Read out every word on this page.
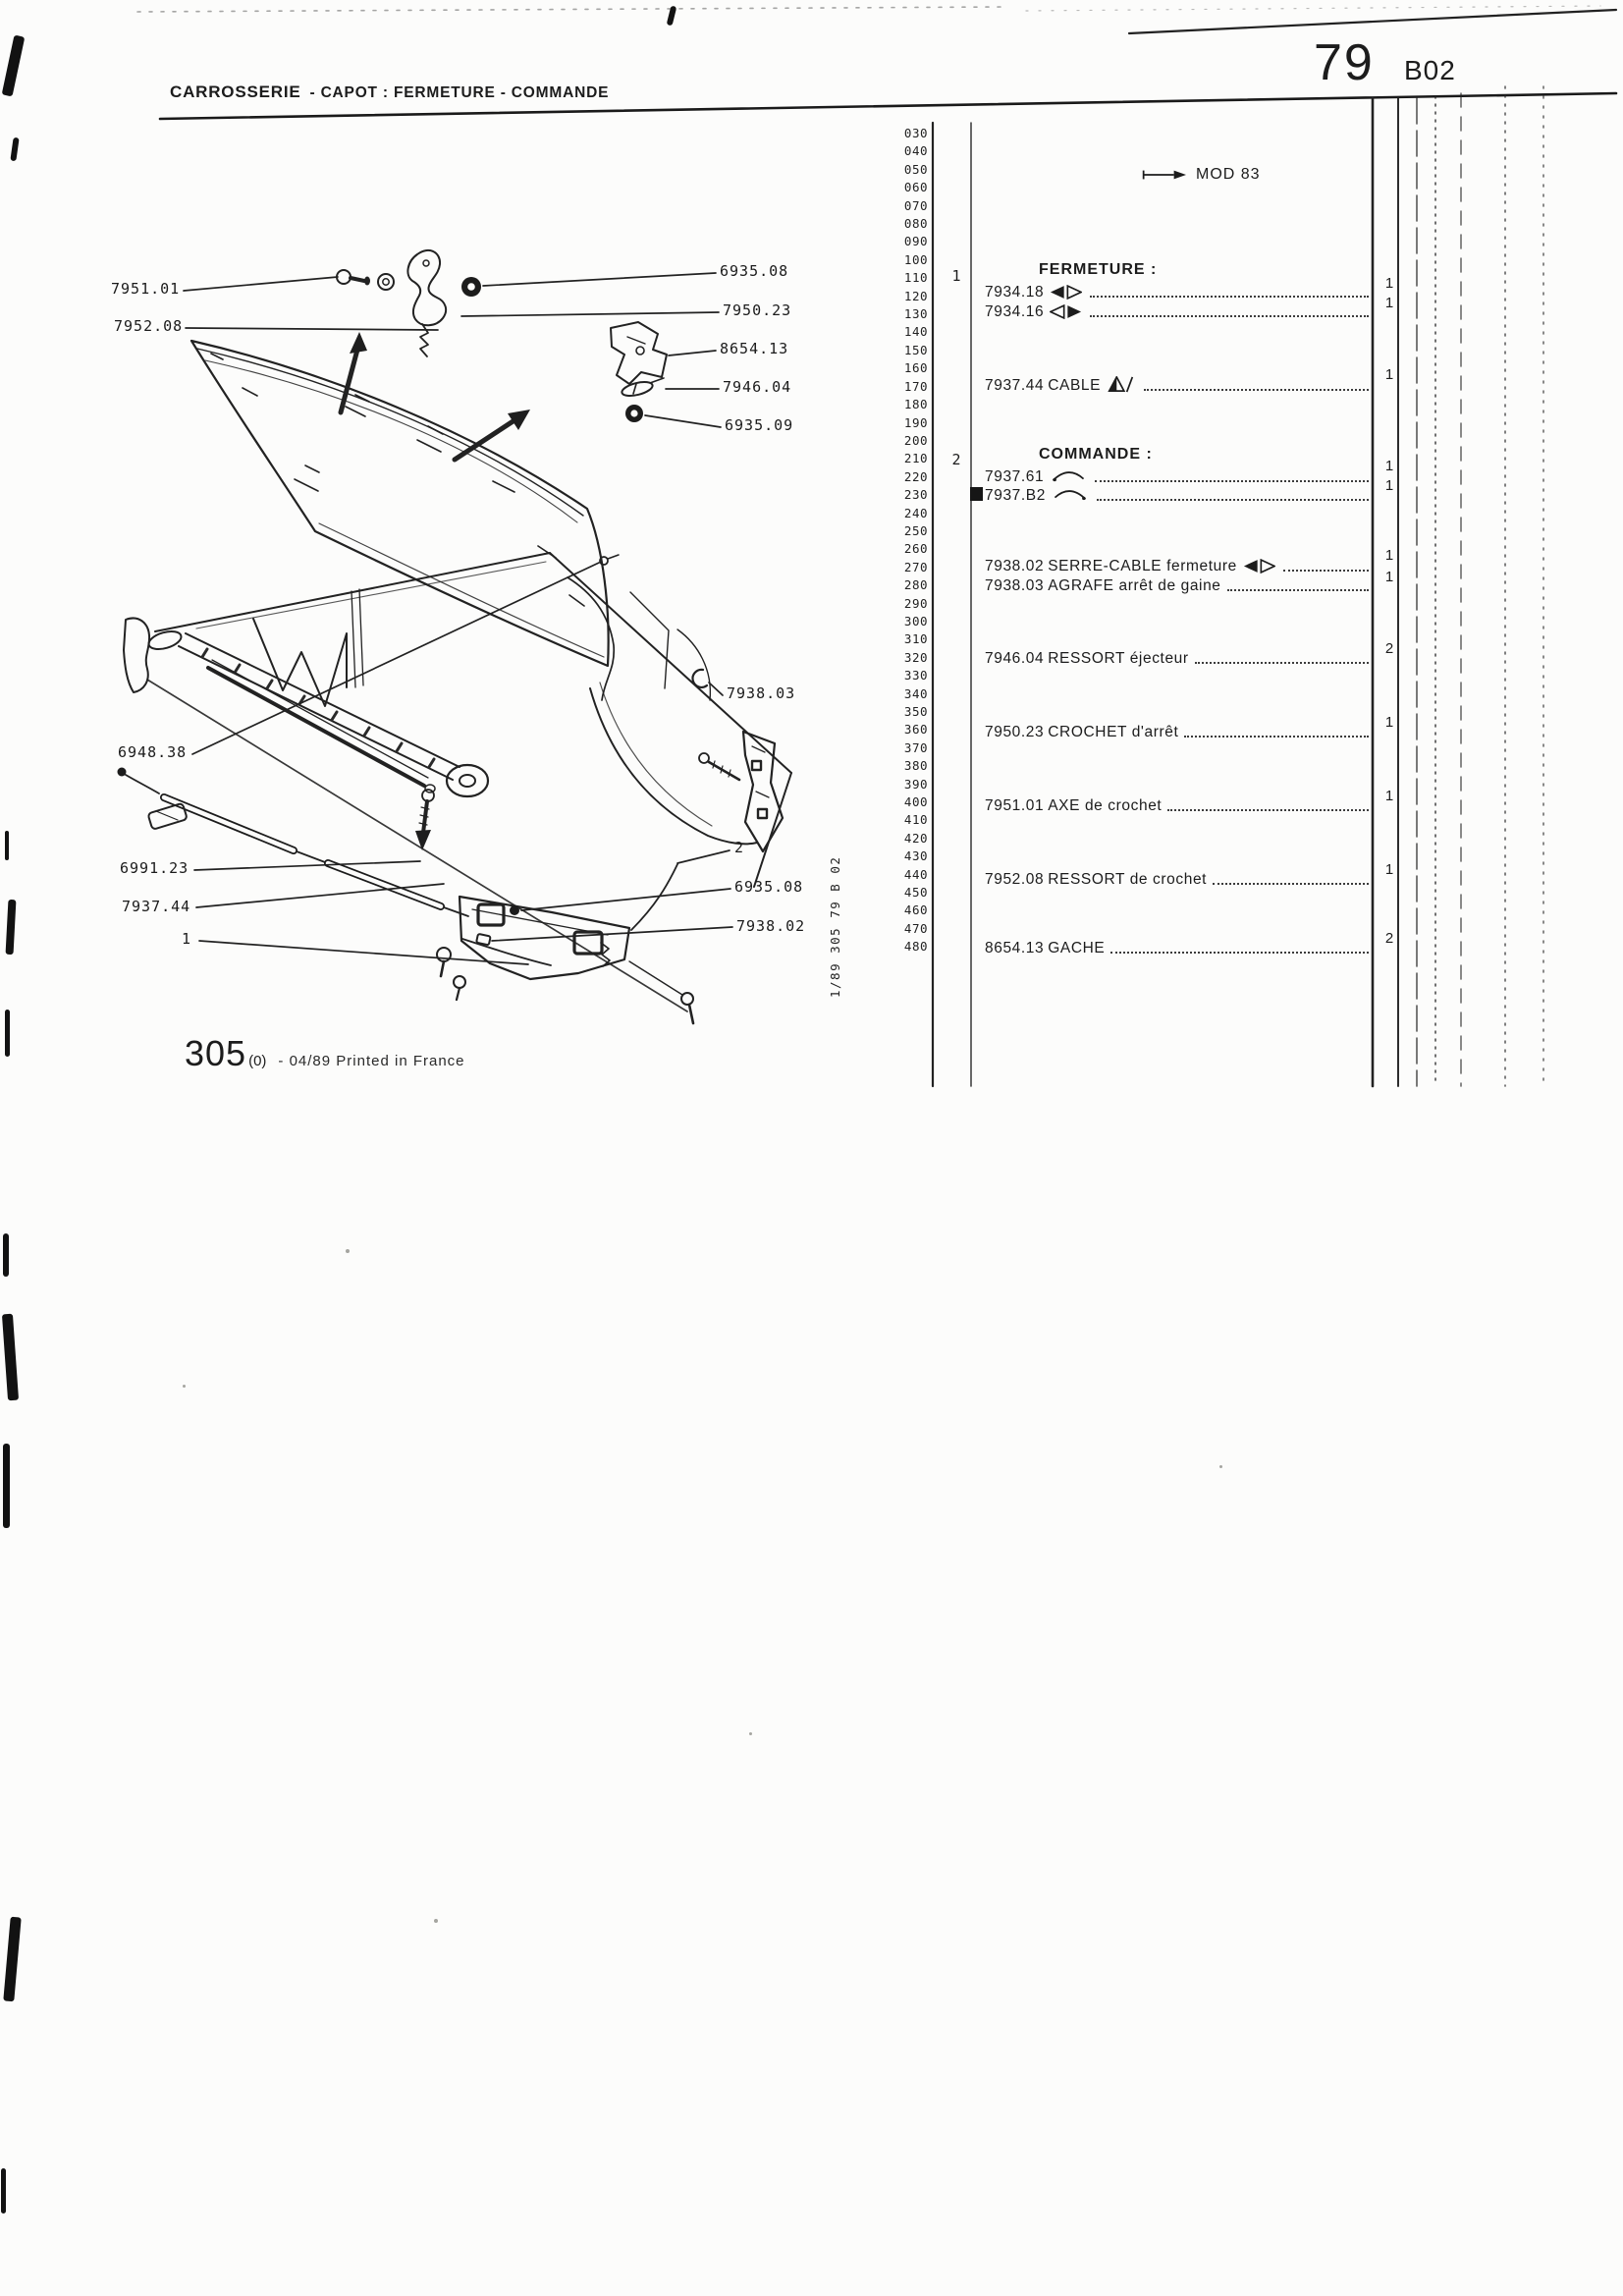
CARROSSERIE - CAPOT : FERMETURE - COMMANDE
79 B02
MOD 83
030
040
050
060
070
080
090
100
110
120
130
140
150
160
170
180
190
200
210
220
230
240
250
260
270
280
290
300
310
320
330
340
350
360
370
380
390
400
410
420
430
440
450
460
470
480
1
2
FERMETURE :
COMMANDE :
7934.18
7934.16
7937.44 CABLE
7937.61
7937.B2
7938.02 SERRE-CABLE fermeture
7938.03 AGRAFE arrêt de gaine
7946.04 RESSORT éjecteur
7950.23 CROCHET d'arrêt
7951.01 AXE de crochet
7952.08 RESSORT de crochet
8654.13 GACHE
1
1
1
1
1
1
1
2
1
1
1
2
7951.01
7952.08
6935.08
7950.23
8654.13
7946.04
6935.09
7938.03
6948.38
6991.23
7937.44
1
2
6935.08
7938.02
305 (0) - 04/89 Printed in France
1/89 305 79 B 02
